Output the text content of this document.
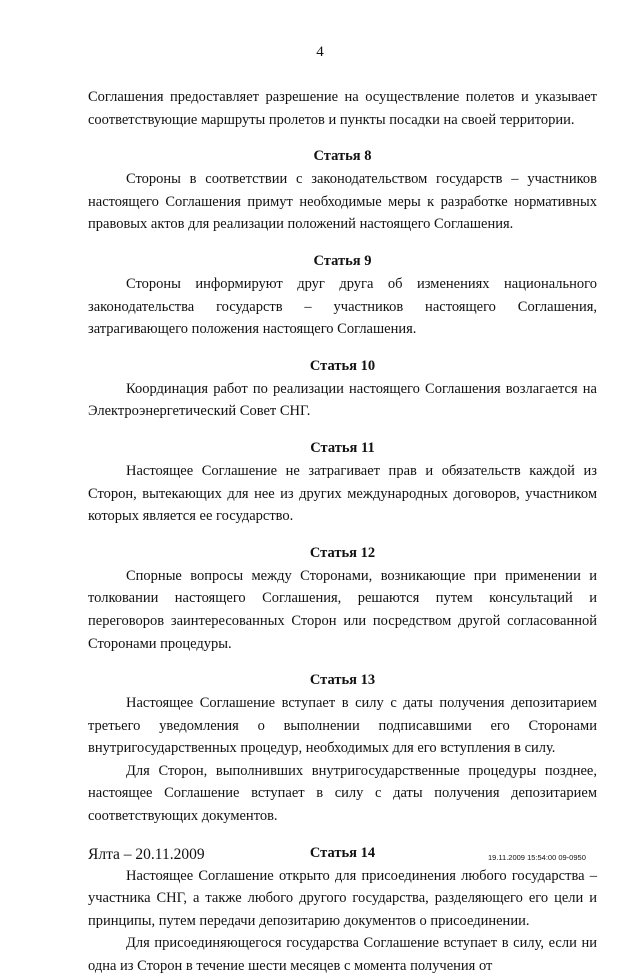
4

Соглашения предоставляет разрешение на осуществление полетов и указывает соответствующие маршруты пролетов и пункты посадки на своей территории.

Статья 8

Стороны в соответствии с законодательством государств – участников настоящего Соглашения примут необходимые меры к разработке нормативных правовых актов для реализации положений настоящего Соглашения.

Статья 9

Стороны информируют друг друга об изменениях национального законодательства государств – участников настоящего Соглашения, затрагивающего положения настоящего Соглашения.

Статья 10

Координация работ по реализации настоящего Соглашения возлагается на Электроэнергетический Совет СНГ.

Статья 11

Настоящее Соглашение не затрагивает прав и обязательств каждой из Сторон, вытекающих для нее из других международных договоров, участником которых является ее государство.

Статья 12

Спорные вопросы между Сторонами, возникающие при применении и толковании настоящего Соглашения, решаются путем консультаций и переговоров заинтересованных Сторон или посредством другой согласованной Сторонами процедуры.

Статья 13

Настоящее Соглашение вступает в силу с даты получения депозитарием третьего уведомления о выполнении подписавшими его Сторонами внутригосударственных процедур, необходимых для его вступления в силу.

Для Сторон, выполнивших внутригосударственные процедуры позднее, настоящее Соглашение вступает в силу с даты получения депозитарием соответствующих документов.

Статья 14

Настоящее Соглашение открыто для присоединения любого государства – участника СНГ, а также любого другого государства, разделяющего его цели и принципы, путем передачи депозитарию документов о присоединении.

Для присоединяющегося государства Соглашение вступает в силу, если ни одна из Сторон в течение шести месяцев с момента получения от

Ялта – 20.11.2009	19.11.2009 15:54:00 09-0950
